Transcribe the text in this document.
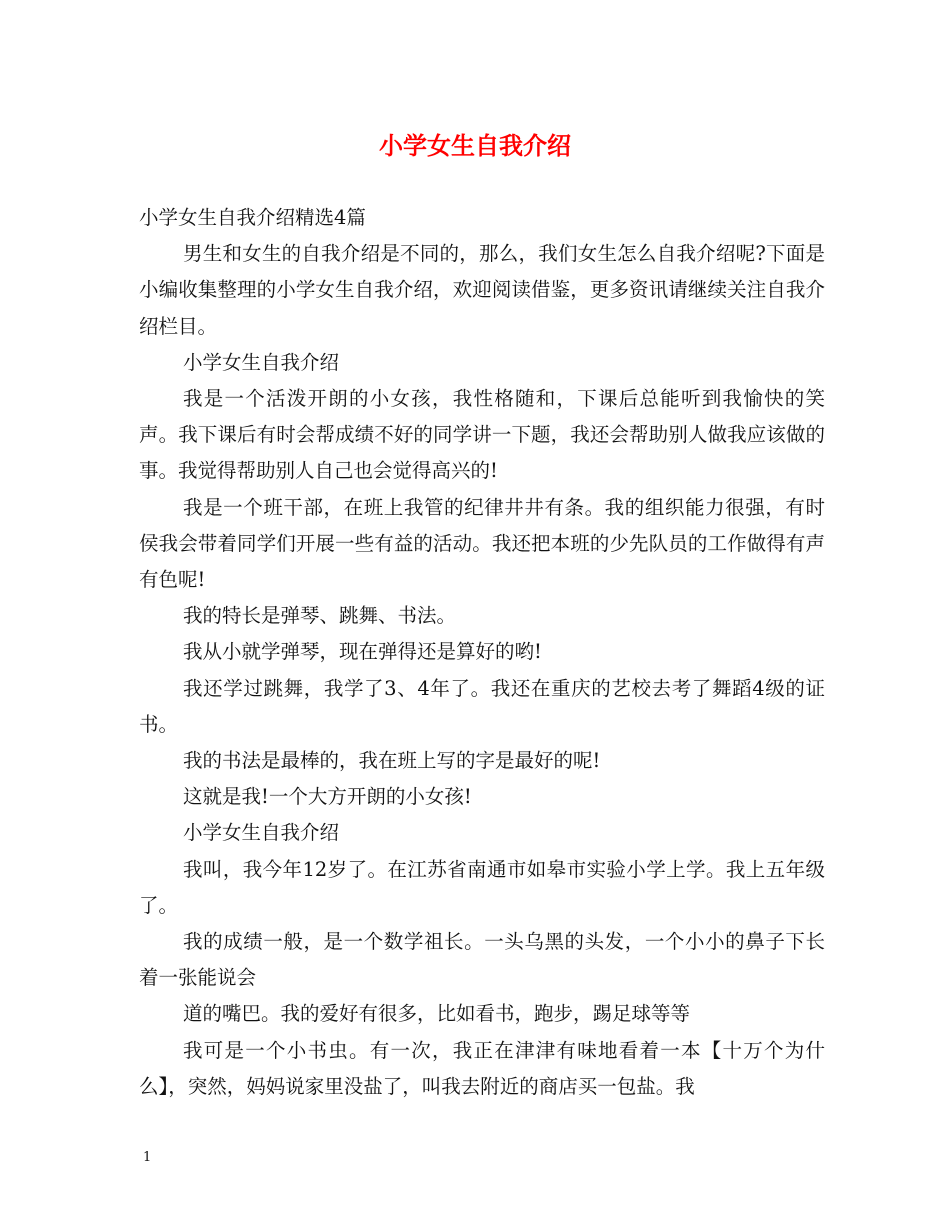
小学女生自我介绍

小学女生自我介绍精选4篇

男生和女生的自我介绍是不同的，那么，我们女生怎么自我介绍呢?下面是小编收集整理的小学女生自我介绍，欢迎阅读借鉴，更多资讯请继续关注自我介绍栏目。

小学女生自我介绍

我是一个活泼开朗的小女孩，我性格随和，下课后总能听到我愉快的笑声。我下课后有时会帮成绩不好的同学讲一下题，我还会帮助别人做我应该做的事。我觉得帮助别人自己也会觉得高兴的!

我是一个班干部，在班上我管的纪律井井有条。我的组织能力很强，有时侯我会带着同学们开展一些有益的活动。我还把本班的少先队员的工作做得有声有色呢!

我的特长是弹琴、跳舞、书法。

我从小就学弹琴，现在弹得还是算好的哟!

我还学过跳舞，我学了3、4年了。我还在重庆的艺校去考了舞蹈4级的证书。

我的书法是最棒的，我在班上写的字是最好的呢!

这就是我!一个大方开朗的小女孩!

小学女生自我介绍

我叫，我今年12岁了。在江苏省南通市如皋市实验小学上学。我上五年级了。

我的成绩一般，是一个数学祖长。一头乌黑的头发，一个小小的鼻子下长着一张能说会

道的嘴巴。我的爱好有很多，比如看书，跑步，踢足球等等

我可是一个小书虫。有一次，我正在津津有味地看着一本【十万个为什么】，突然，妈妈说家里没盐了，叫我去附近的商店买一包盐。我

1
